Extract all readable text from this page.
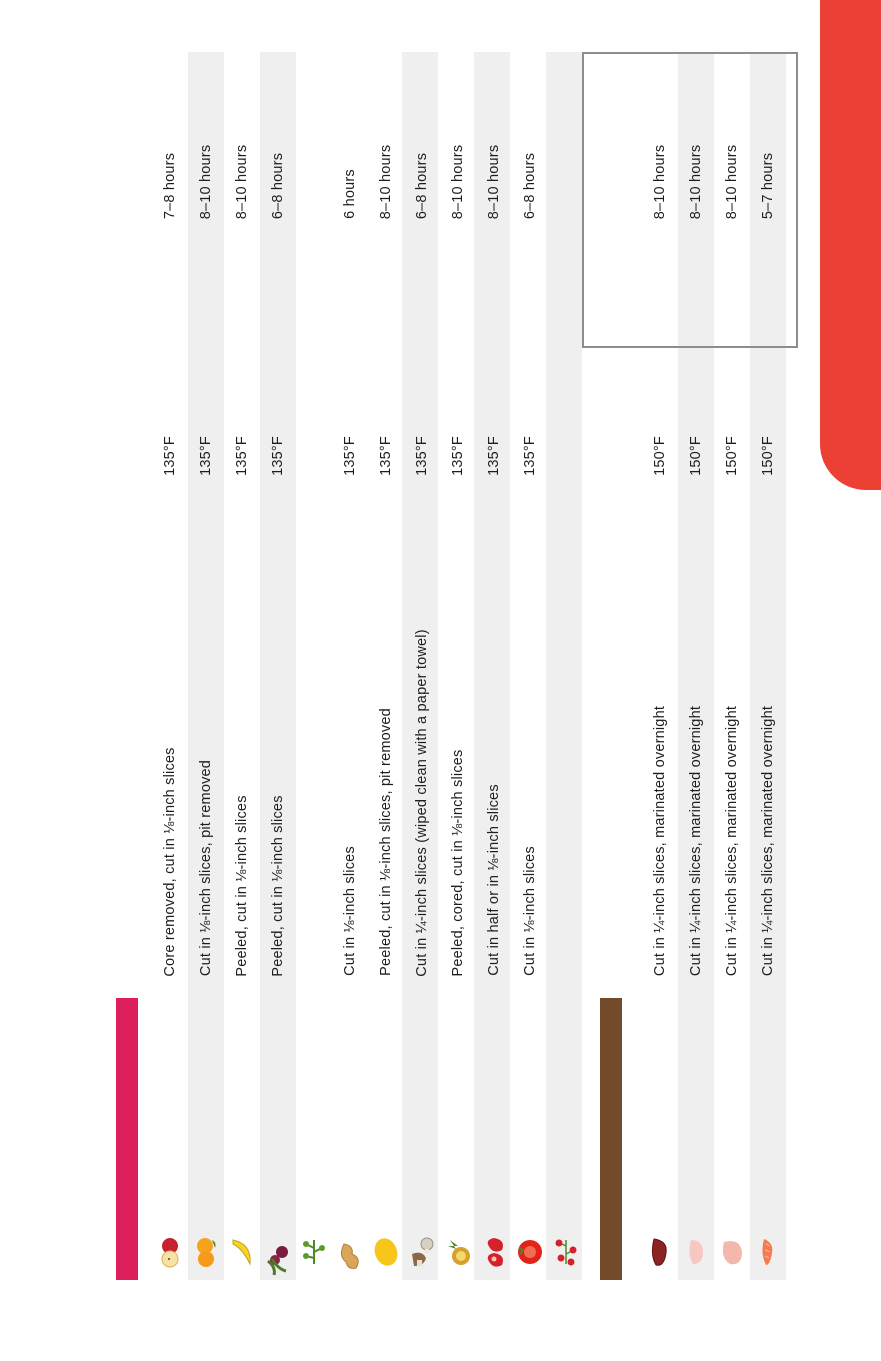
Core removed, cut in ⅛-inch slices
135°F
7–8 hours
Cut in ⅛-inch slices, pit removed
135°F
8–10 hours
Peeled, cut in ⅛-inch slices
135°F
8–10 hours
Peeled, cut in ⅛-inch slices
135°F
6–8 hours
Cut in ⅛-inch slices
135°F
6 hours
Peeled, cut in ⅛-inch slices, pit removed
135°F
8–10 hours
Cut in ¼-inch slices (wiped clean with a paper towel)
135°F
6–8 hours
Peeled, cored, cut in ⅛-inch slices
135°F
8–10 hours
Cut in half or in ⅛-inch slices
135°F
8–10 hours
Cut in ⅛-inch slices
135°F
6–8 hours
Cut in ¼-inch slices, marinated overnight
150°F
8–10 hours
Cut in ¼-inch slices, marinated overnight
150°F
8–10 hours
Cut in ¼-inch slices, marinated overnight
150°F
8–10 hours
Cut in ¼-inch slices, marinated overnight
150°F
5–7 hours
